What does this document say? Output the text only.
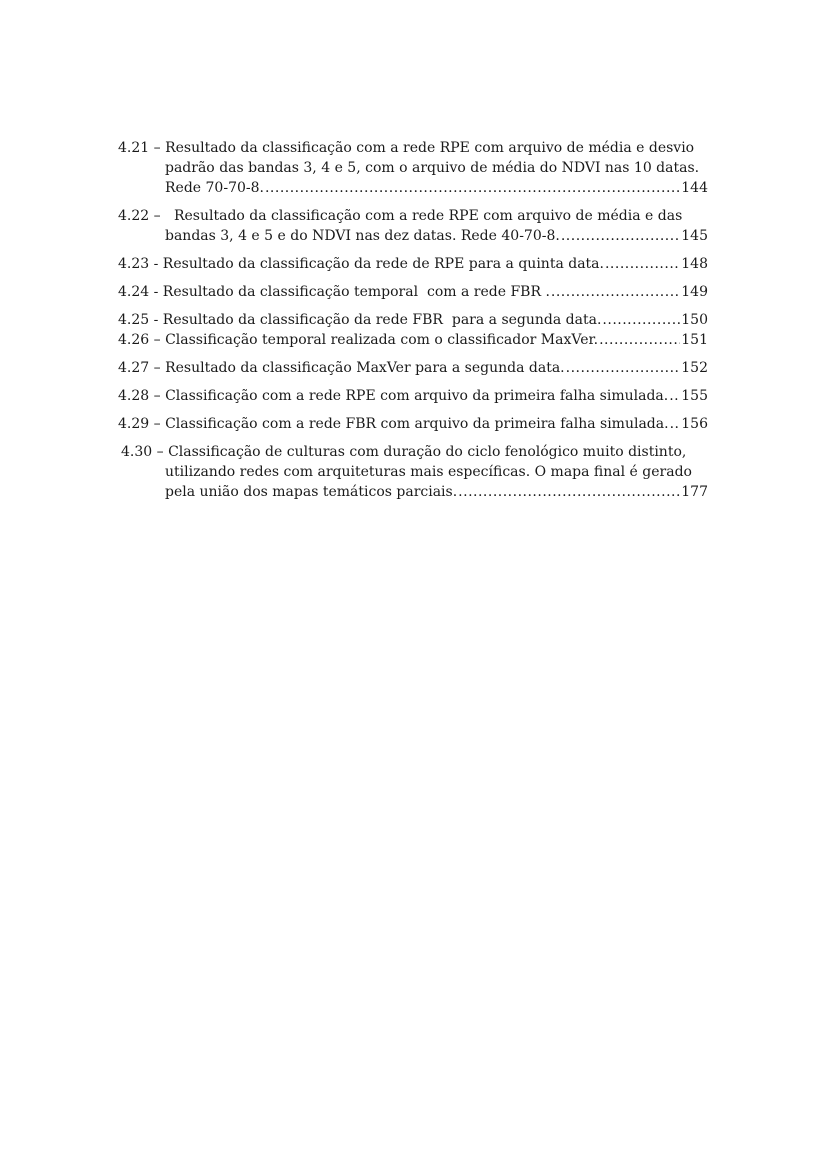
4.21 – Resultado da classificação com a rede RPE com arquivo de média e desvio
padrão das bandas 3, 4 e 5, com o arquivo de média do NDVI nas 10 datas.
Rede 70-70-8. .....	144
4.22 –   Resultado da classificação com a rede RPE com arquivo de média e das
bandas 3, 4 e 5 e do NDVI nas dez datas. Rede 40-70-8. .....	145
4.23 - Resultado da classificação da rede de RPE para a quinta data. .....	148
4.24 - Resultado da classificação temporal  com a rede FBR . .....	149
4.25 - Resultado da classificação da rede FBR  para a segunda data. .....	150
4.26 – Classificação temporal realizada com o classificador MaxVer. .....	151
4.27 – Resultado da classificação MaxVer para a segunda data. .....	152
4.28 – Classificação com a rede RPE com arquivo da primeira falha simulada. ..... 155
4.29 – Classificação com a rede FBR com arquivo da primeira falha simulada. ..... 156
4.30 – Classificação de culturas com duração do ciclo fenológico muito distinto,
utilizando redes com arquiteturas mais específicas. O mapa final é gerado
pela união dos mapas temáticos parciais. .....	177
